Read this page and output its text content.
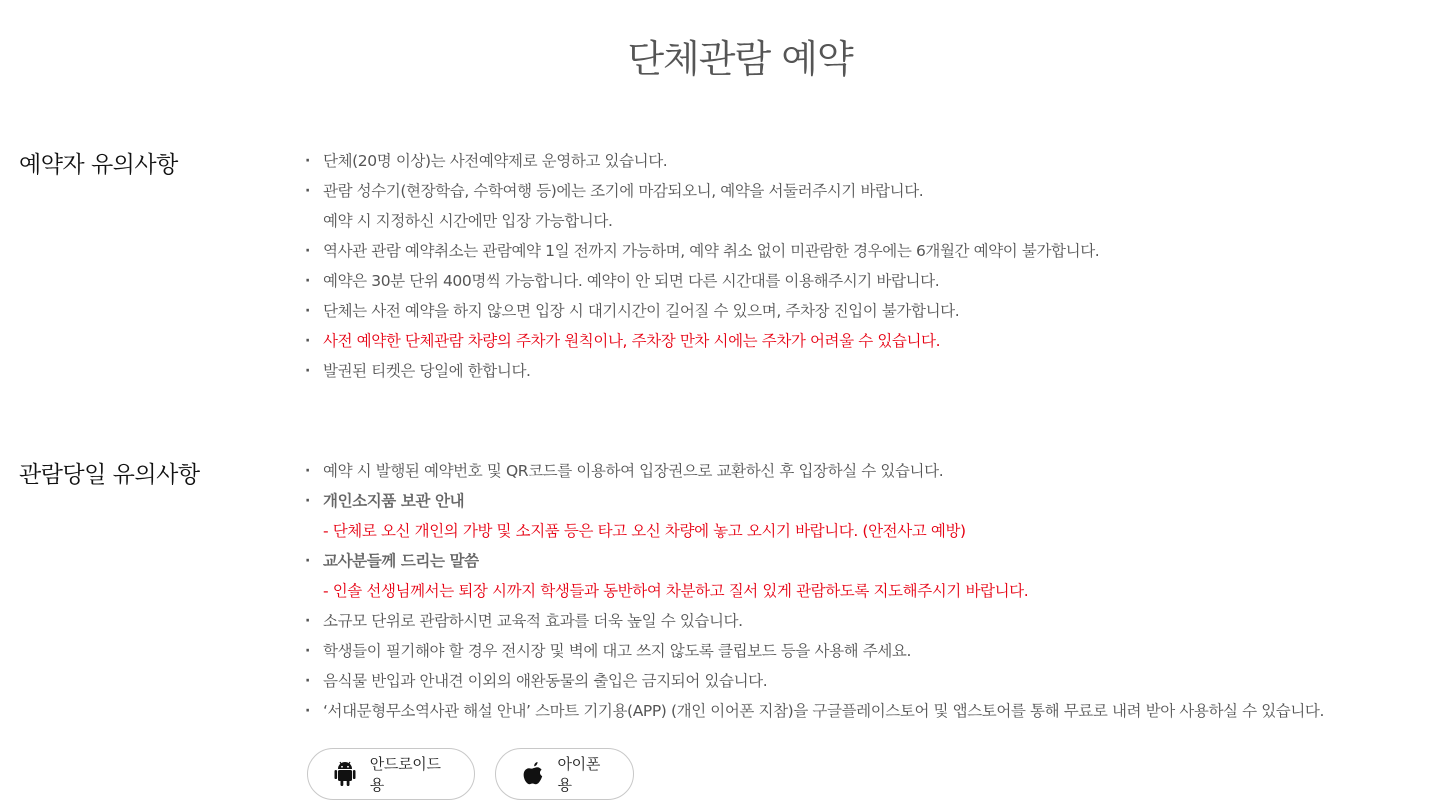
단체관람 예약
예약자 유의사항	· 단체(20명 이상)는 사전예약제로 운영하고 있습니다.
· 관람 성수기(현장학습, 수학여행 등)에는 조기에 마감되오니, 예약을 서둘러주시기 바랍니다.
예약 시 지정하신 시간에만 입장 가능합니다.
· 역사관 관람 예약취소는 관람예약 1일 전까지 가능하며, 예약 취소 없이 미관람한 경우에는 6개월간 예약이 불가합니다.
· 예약은 30분 단위 400명씩 가능합니다. 예약이 안 되면 다른 시간대를 이용해주시기 바랍니다.
· 단체는 사전 예약을 하지 않으면 입장 시 대기시간이 길어질 수 있으며, 주차장 진입이 불가합니다.
· 사전 예약한 단체관람 차량의 주차가 원칙이나, 주차장 만차 시에는 주차가 어려울 수 있습니다.
· 발권된 티켓은 당일에 한합니다.
관람당일 유의사항	· 예약 시 발행된 예약번호 및 QR코드를 이용하여 입장권으로 교환하신 후 입장하실 수 있습니다.
· 개인소지품 보관 안내
- 단체로 오신 개인의 가방 및 소지품 등은 타고 오신 차량에 놓고 오시기 바랍니다. (안전사고 예방)
· 교사분들께 드리는 말씀
- 인솔 선생님께서는 퇴장 시까지 학생들과 동반하여 차분하고 질서 있게 관람하도록 지도해주시기 바랍니다.
· 소규모 단위로 관람하시면 교육적 효과를 더욱 높일 수 있습니다.
· 학생들이 필기해야 할 경우 전시장 및 벽에 대고 쓰지 않도록 클립보드 등을 사용해 주세요.
· 음식물 반입과 안내견 이외의 애완동물의 출입은 금지되어 있습니다.
· ‘서대문형무소역사관 해설 안내’ 스마트 기기용(APP) (개인 이어폰 지참)을 구글플레이스토어 및 앱스토어를 통해 무료로 내려 받아 사용하실 수 있습니다.
안드로이드용
아이폰용
